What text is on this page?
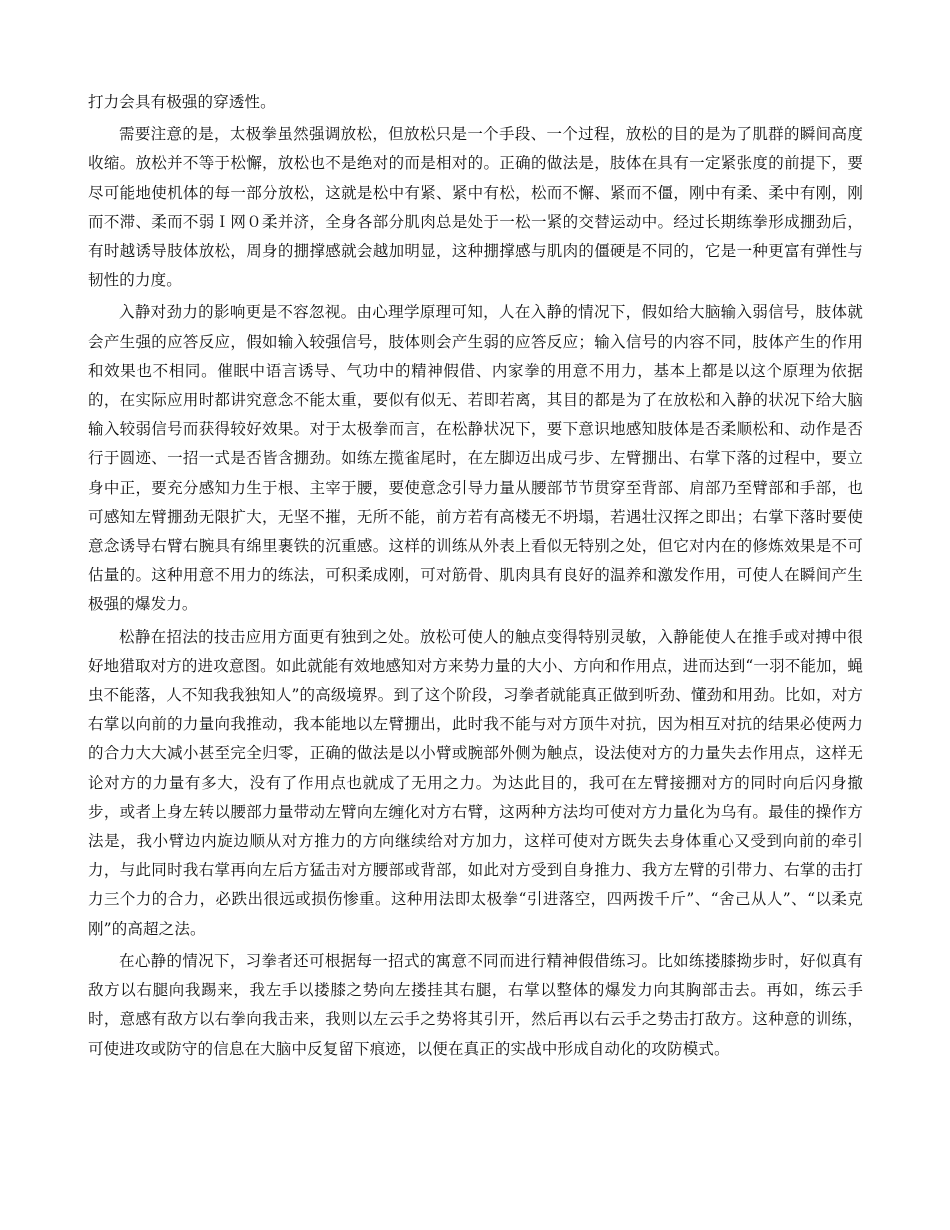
打力会具有极强的穿透性。

需要注意的是，太极拳虽然强调放松，但放松只是一个手段、一个过程，放松的目的是为了肌群的瞬间高度收缩。放松并不等于松懈，放松也不是绝对的而是相对的。正确的做法是，肢体在具有一定紧张度的前提下，要尽可能地使机体的每一部分放松，这就是松中有紧、紧中有松，松而不懈、紧而不僵，刚中有柔、柔中有刚，刚而不滞、柔而不弱Ｉ网０柔并济，全身各部分肌肉总是处于一松一紧的交替运动中。经过长期练拳形成掤劲后，有时越诱导肢体放松，周身的掤撑感就会越加明显，这种掤撑感与肌肉的僵硬是不同的，它是一种更富有弹性与韧性的力度。

入静对劲力的影响更是不容忽视。由心理学原理可知，人在入静的情况下，假如给大脑输入弱信号，肢体就会产生强的应答反应，假如输入较强信号，肢体则会产生弱的应答反应；输入信号的内容不同，肢体产生的作用和效果也不相同。催眠中语言诱导、气功中的精神假借、内家拳的用意不用力，基本上都是以这个原理为依据的，在实际应用时都讲究意念不能太重，要似有似无、若即若离，其目的都是为了在放松和入静的状况下给大脑输入较弱信号而获得较好效果。对于太极拳而言，在松静状况下，要下意识地感知肢体是否柔顺松和、动作是否行于圆迹、一招一式是否皆含掤劲。如练左揽雀尾时，在左脚迈出成弓步、左臂掤出、右掌下落的过程中，要立身中正，要充分感知力生于根、主宰于腰，要使意念引导力量从腰部节节贯穿至背部、肩部乃至臂部和手部，也可感知左臂掤劲无限扩大，无坚不摧，无所不能，前方若有高楼无不坍塌，若遇壮汉挥之即出；右掌下落时要使意念诱导右臂右腕具有绵里裹铁的沉重感。这样的训练从外表上看似无特别之处，但它对内在的修炼效果是不可估量的。这种用意不用力的练法，可积柔成刚，可对筋骨、肌肉具有良好的温养和激发作用，可使人在瞬间产生极强的爆发力。

松静在招法的技击应用方面更有独到之处。放松可使人的触点变得特别灵敏，入静能使人在推手或对搏中很好地猎取对方的进攻意图。如此就能有效地感知对方来势力量的大小、方向和作用点，进而达到“一羽不能加，蝇虫不能落，人不知我我独知人”的高级境界。到了这个阶段，习拳者就能真正做到听劲、懂劲和用劲。比如，对方右掌以向前的力量向我推动，我本能地以左臂掤出，此时我不能与对方顶牛对抗，因为相互对抗的结果必使两力的合力大大减小甚至完全归零，正确的做法是以小臂或腕部外侧为触点，设法使对方的力量失去作用点，这样无论对方的力量有多大，没有了作用点也就成了无用之力。为达此目的，我可在左臂接掤对方的同时向后闪身撤步，或者上身左转以腰部力量带动左臂向左缠化对方右臂，这两种方法均可使对方力量化为乌有。最佳的操作方法是，我小臂边内旋边顺从对方推力的方向继续给对方加力，这样可使对方既失去身体重心又受到向前的牵引力，与此同时我右掌再向左后方猛击对方腰部或背部，如此对方受到自身推力、我方左臂的引带力、右掌的击打力三个力的合力，必跌出很远或损伤惨重。这种用法即太极拳“引进落空，四两拨千斤”、“舍己从人”、“以柔克刚”的高超之法。

在心静的情况下，习拳者还可根据每一招式的寓意不同而进行精神假借练习。比如练搂膝拗步时，好似真有敌方以右腿向我踢来，我左手以搂膝之势向左搂挂其右腿，右掌以整体的爆发力向其胸部击去。再如，练云手时，意感有敌方以右拳向我击来，我则以左云手之势将其引开，然后再以右云手之势击打敌方。这种意的训练，可使进攻或防守的信息在大脑中反复留下痕迹，以便在真正的实战中形成自动化的攻防模式。
